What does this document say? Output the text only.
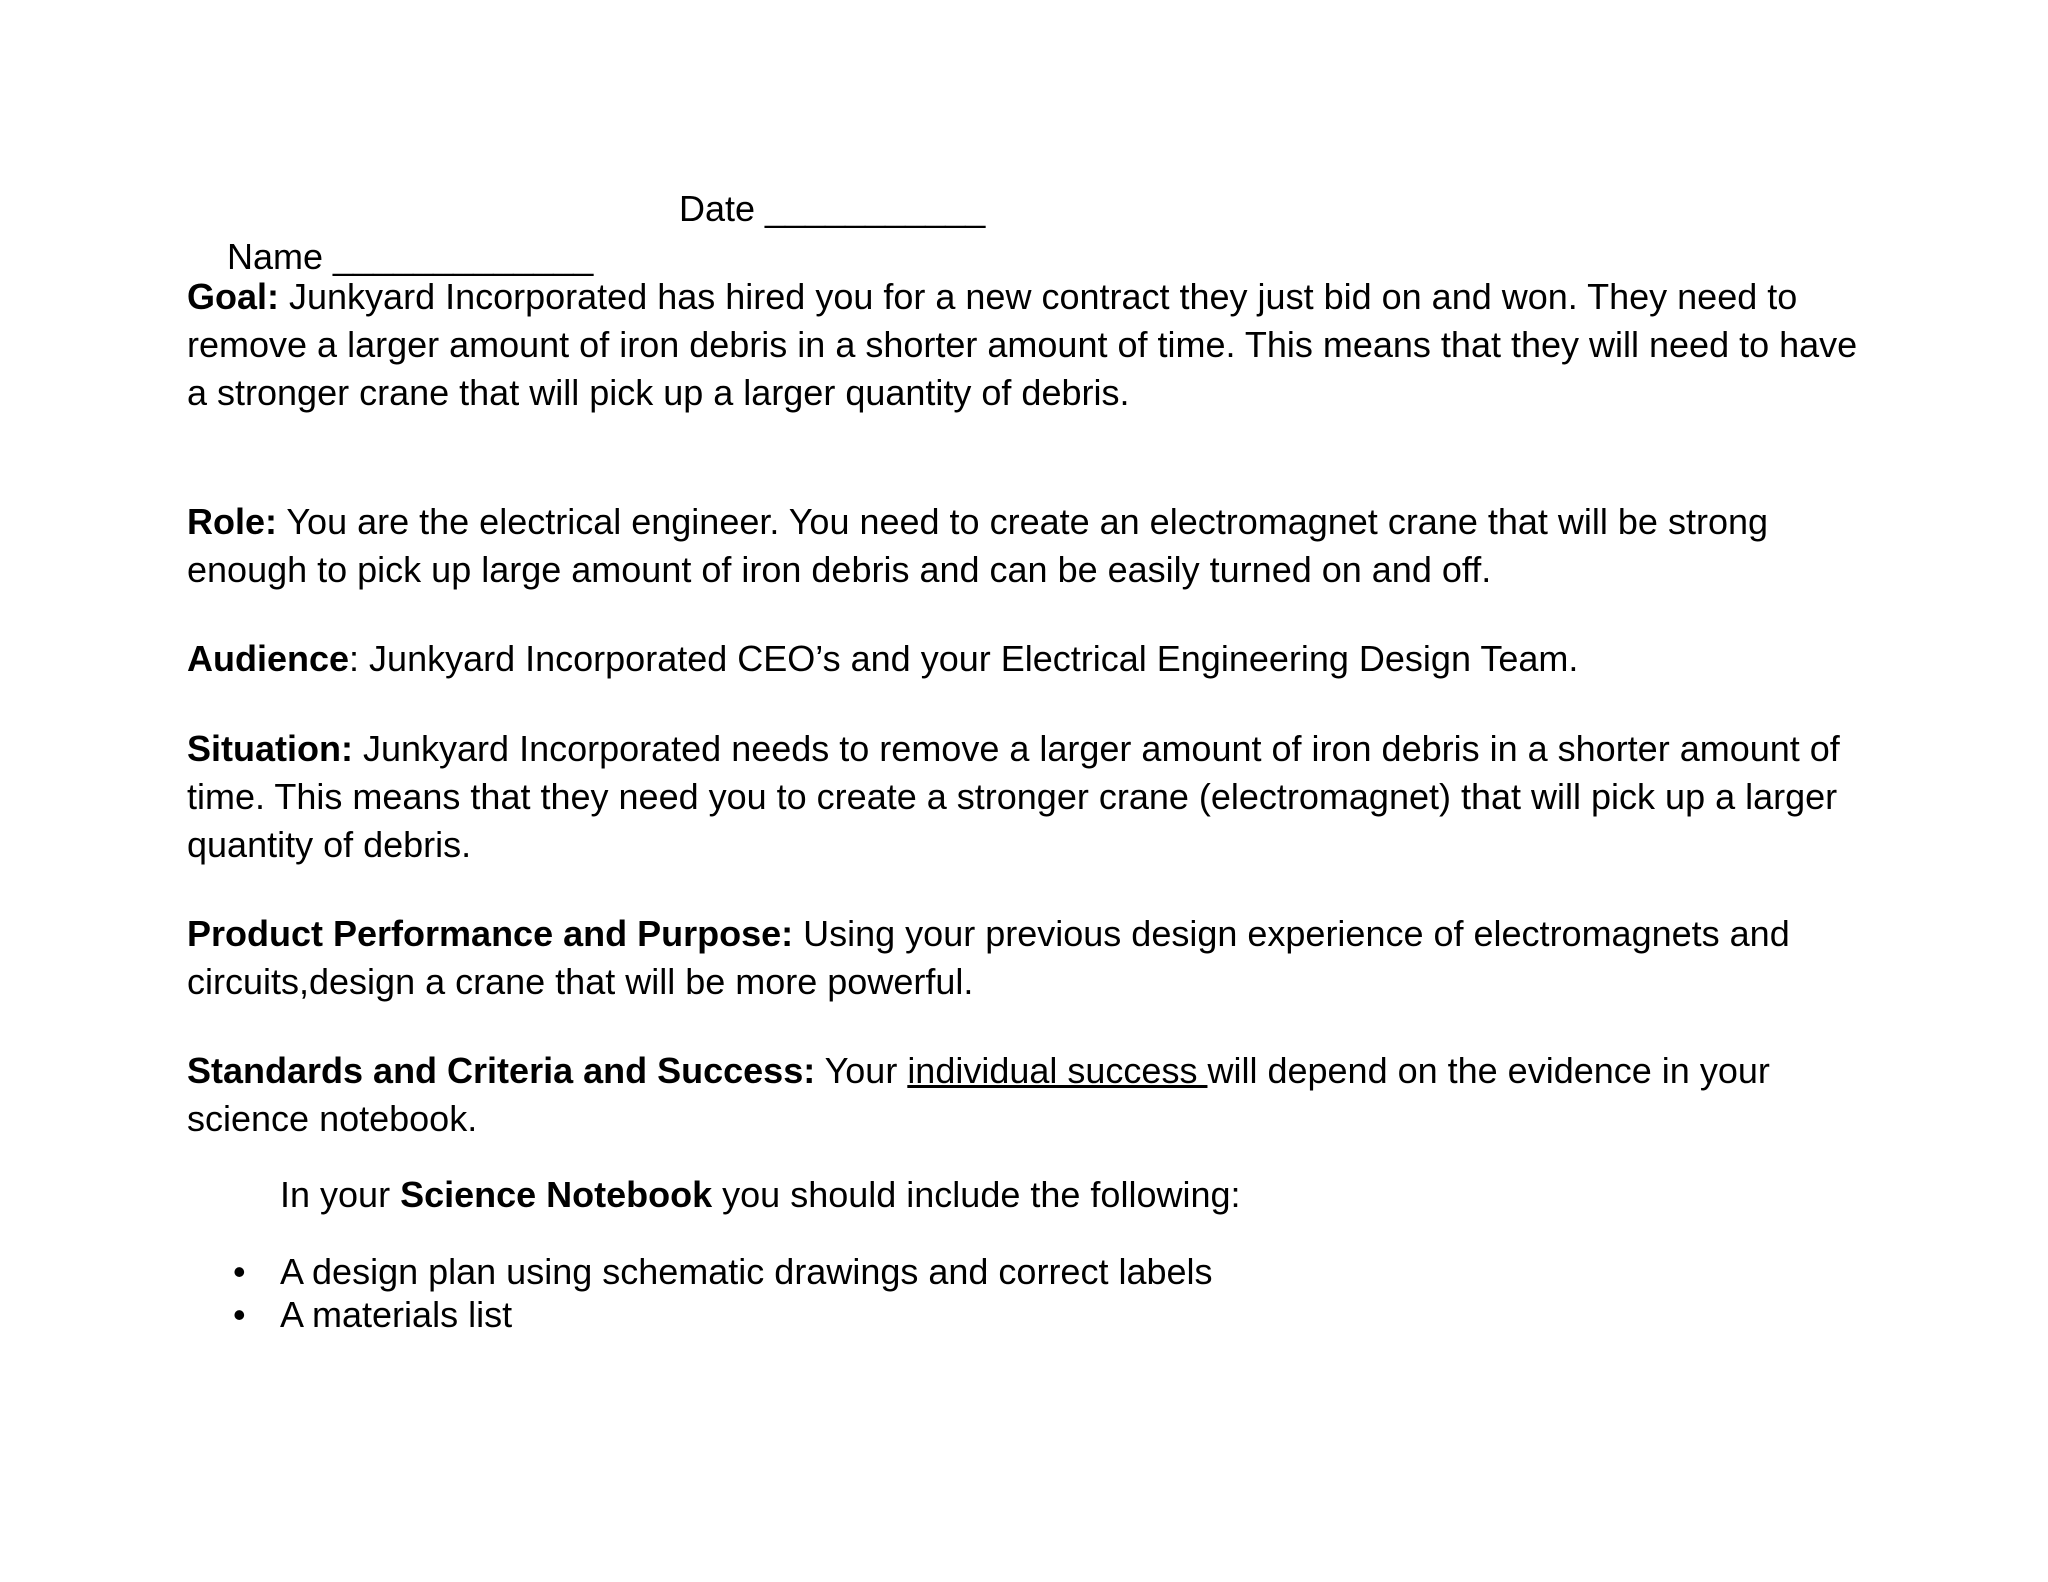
Name _____________

Date ___________

Goal: Junkyard Incorporated has hired you for a new contract they just bid on and won. They need to remove a larger amount of iron debris in a shorter amount of time. This means that they will need to have a stronger crane that will pick up a larger quantity of debris.
Role: You are the electrical engineer. You need to create an electromagnet crane that will be strong enough to pick up large amount of iron debris and can be easily turned on and off.
Audience: Junkyard Incorporated CEO’s and your Electrical Engineering Design Team.
Situation: Junkyard Incorporated needs to remove a larger amount of iron debris in a shorter amount of time. This means that they need you to create a stronger crane (electromagnet) that will pick up a larger quantity of debris.
Product Performance and Purpose: Using your previous design experience of electromagnets and circuits,design a crane that will be more powerful.
Standards and Criteria and Success: Your individual success will depend on the evidence in your science notebook.
In your Science Notebook you should include the following:
• A design plan using schematic drawings and correct labels
• A materials list
